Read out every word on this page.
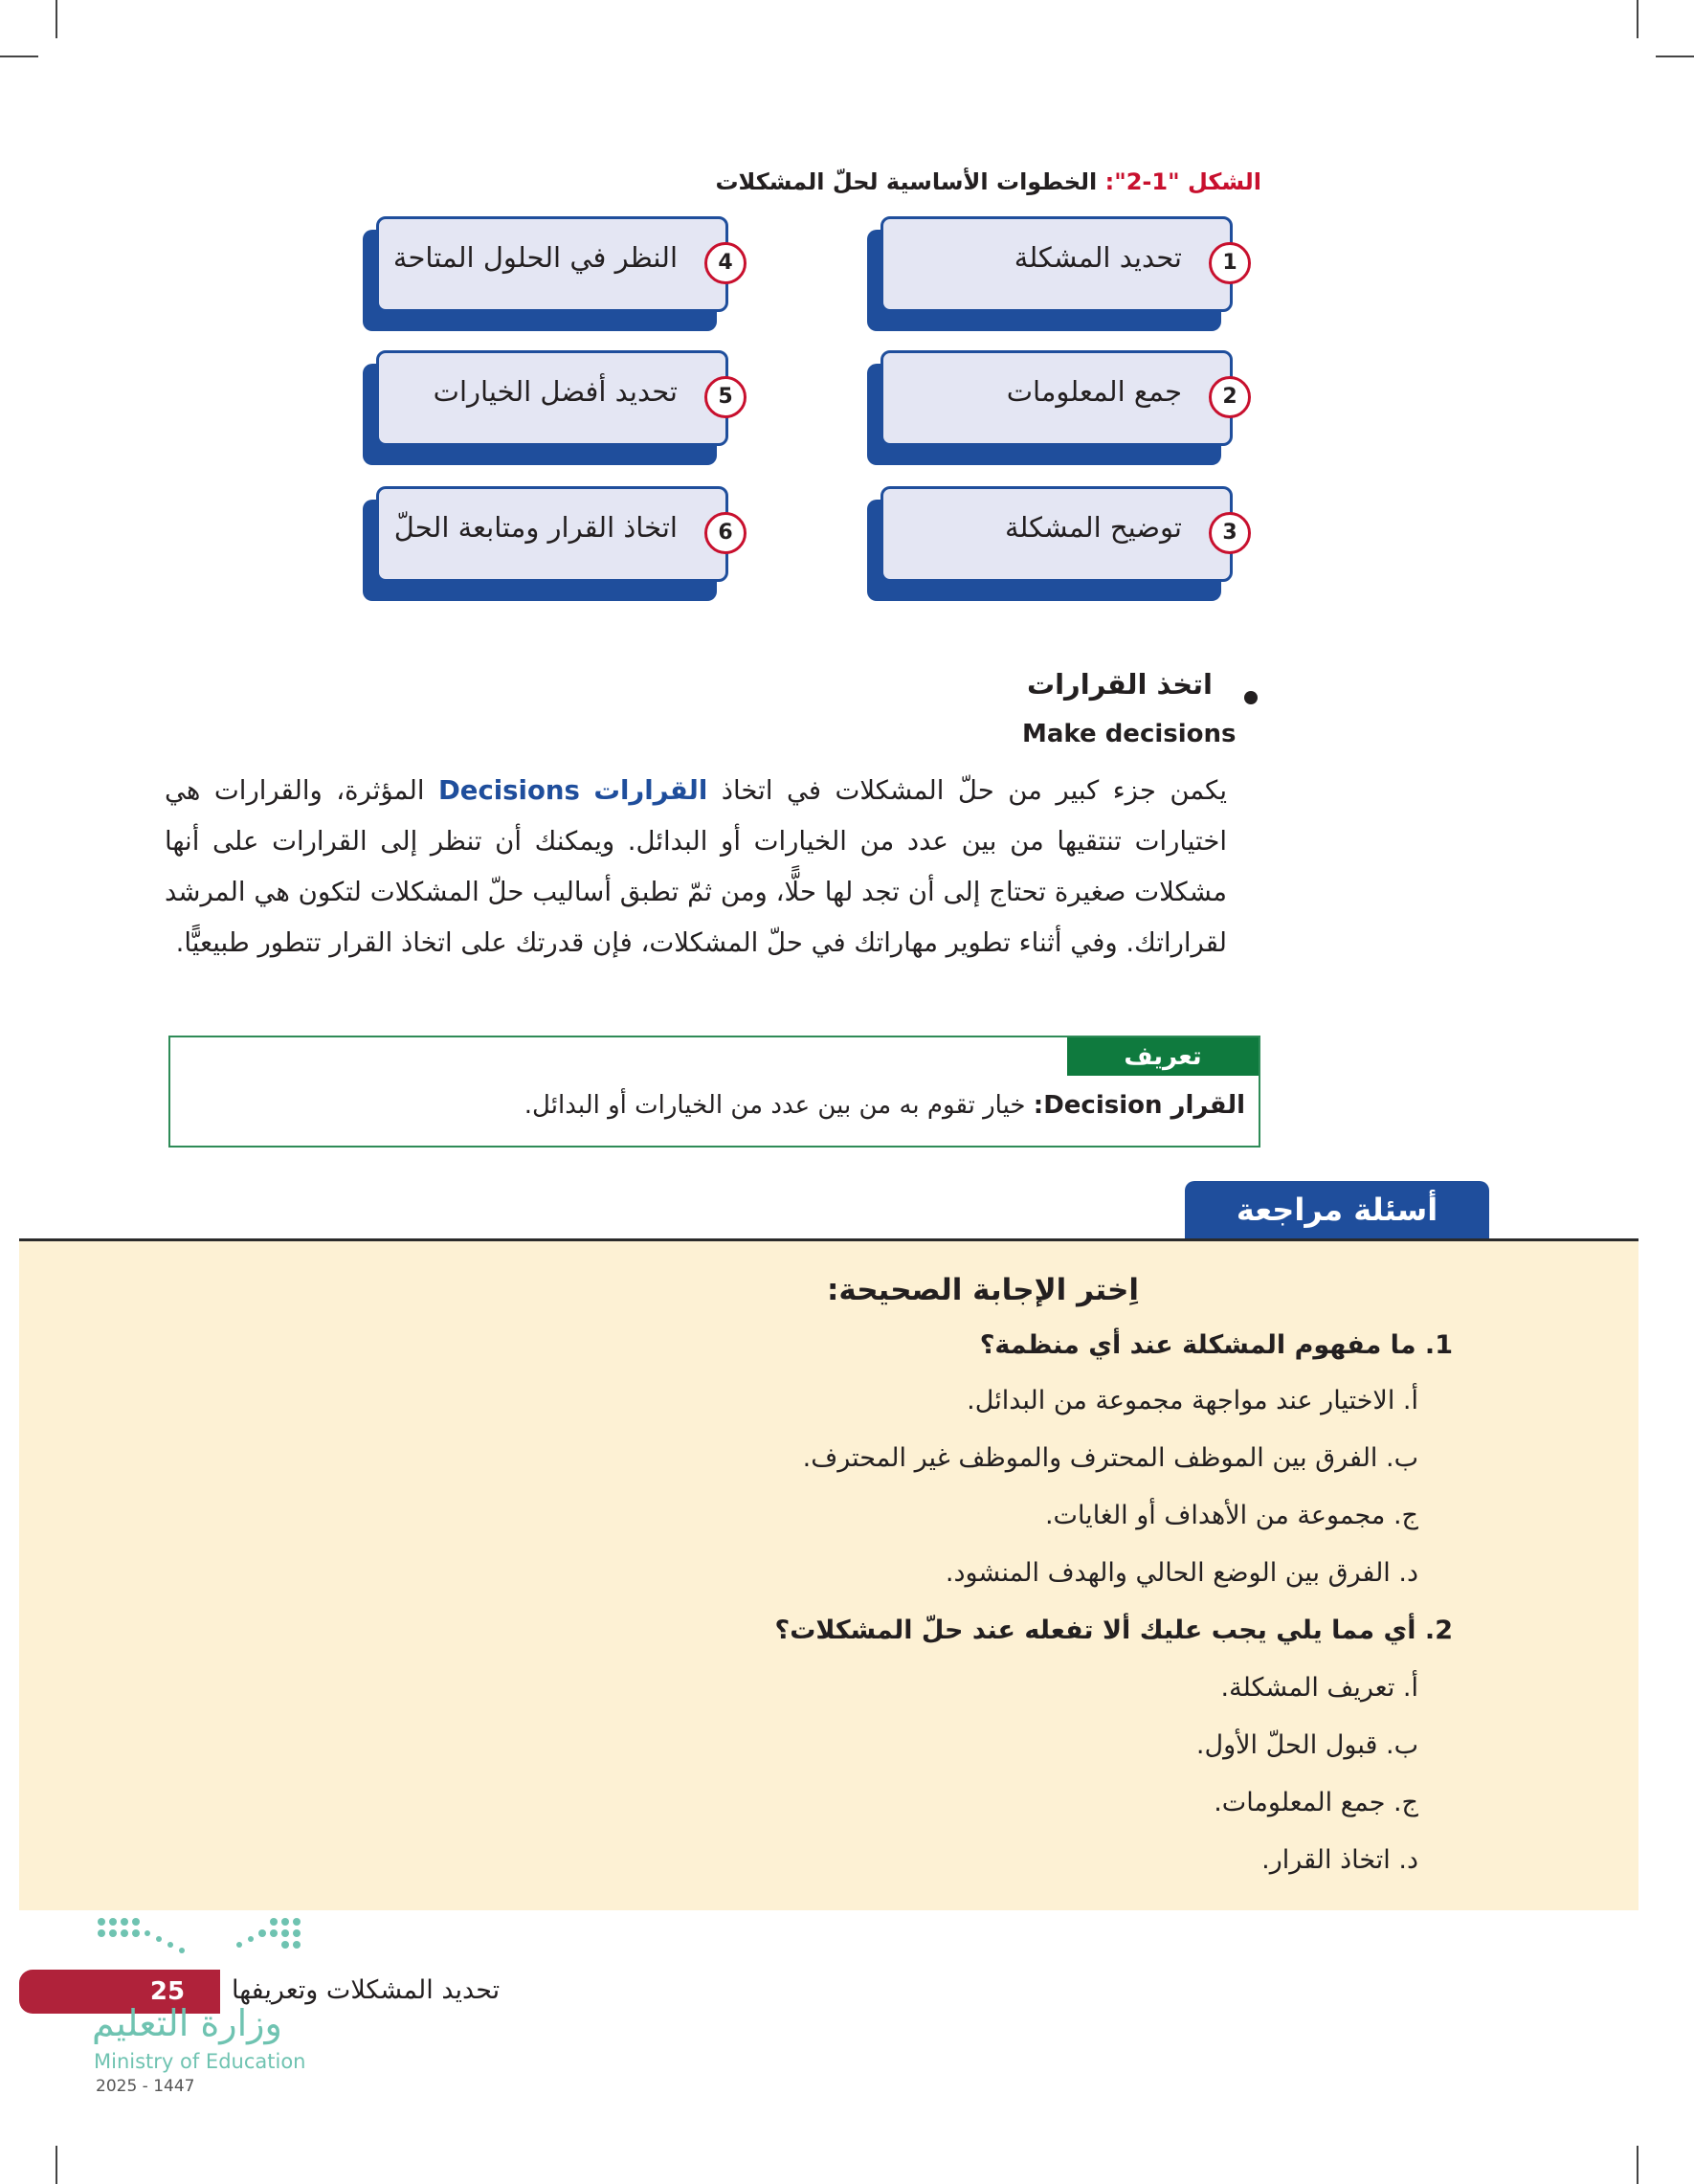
الشكل "1-2": الخطوات الأساسية لحلّ المشكلات
1
تحديد المشكلة
2
جمع المعلومات
3
توضيح المشكلة
4
النظر في الحلول المتاحة
5
تحديد أفضل الخيارات
6
اتخاذ القرار ومتابعة الحلّ
اتخذ القرارات
Make decisions
يكمن جزء كبير من حلّ المشكلات في اتخاذ القرارات Decisions المؤثرة، والقرارات هي اختيارات تنتقيها من بين عدد من الخيارات أو البدائل. ويمكنك أن تنظر إلى القرارات على أنها مشكلات صغيرة تحتاج إلى أن تجد لها حلًّا، ومن ثمّ تطبق أساليب حلّ المشكلات لتكون هي المرشد لقراراتك. وفي أثناء تطوير مهاراتك في حلّ المشكلات، فإن قدرتك على اتخاذ القرار تتطور طبيعيًّا.
تعريف
القرار Decision: خيار تقوم به من بين عدد من الخيارات أو البدائل.
أسئلة مراجعة
اِختر الإجابة الصحيحة:
1. ما مفهوم المشكلة عند أي منظمة؟
أ. الاختيار عند مواجهة مجموعة من البدائل.
ب. الفرق بين الموظف المحترف والموظف غير المحترف.
ج. مجموعة من الأهداف أو الغايات.
د. الفرق بين الوضع الحالي والهدف المنشود.
2. أي مما يلي يجب عليك ألا تفعله عند حلّ المشكلات؟
أ. تعريف المشكلة.
ب. قبول الحلّ الأول.
ج. جمع المعلومات.
د. اتخاذ القرار.
25	تحديد المشكلات وتعريفها
وزارة التعليم
Ministry of Education
2025 - 1447
